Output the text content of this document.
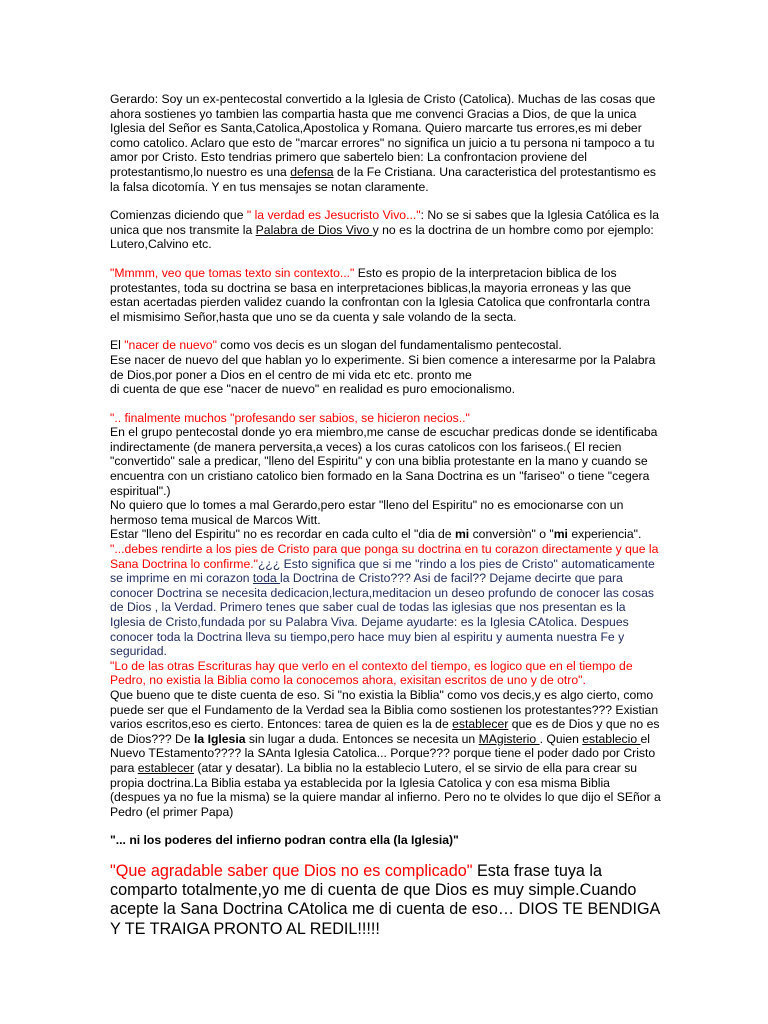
Gerardo: Soy un ex-pentecostal convertido a la Iglesia de Cristo (Catolica). Muchas de las cosas que ahora sostienes yo tambien las compartia hasta que me convenci Gracias a Dios, de que la unica Iglesia del Señor es Santa,Catolica,Apostolica y Romana. Quiero marcarte tus errores,es mi deber como catolico. Aclaro que esto de "marcar errores" no significa un juicio a tu persona ni tampoco a tu amor por Cristo. Esto tendrias primero que sabertelo bien: La confrontacion proviene del protestantismo,lo nuestro es una defensa de la Fe Cristiana. Una caracteristica del protestantismo es la falsa dicotomía. Y en tus mensajes se notan claramente.
Comienzas diciendo que " la verdad es Jesucristo Vivo...": No se si sabes que la Iglesia Católica es la unica que nos transmite la Palabra de Dios Vivo y no es la doctrina de un hombre como por ejemplo: Lutero,Calvino etc.
"Mmmm, veo que tomas texto sin contexto..." Esto es propio de la interpretacion biblica de los protestantes, toda su doctrina se basa en interpretaciones biblicas,la mayoria erroneas y las que estan acertadas pierden validez cuando la confrontan con la Iglesia Catolica que confrontarla contra el mismisimo Señor,hasta que uno se da cuenta y sale volando de la secta.
El "nacer de nuevo" como vos decis es un slogan del fundamentalismo pentecostal.
Ese nacer de nuevo del que hablan yo lo experimente. Si bien comence a interesarme por la Palabra de Dios,por poner a Dios en el centro de mi vida etc etc. pronto me
di cuenta de que ese "nacer de nuevo" en realidad es puro emocionalismo.
".. finalmente muchos "profesando ser sabios, se hicieron necios.."
En el grupo pentecostal donde yo era miembro,me canse de escuchar predicas donde se identificaba indirectamente (de manera perversita,a veces) a los curas catolicos con los fariseos.( El recien "convertido" sale a predicar, "lleno del Espiritu" y con una biblia protestante en la mano y cuando se encuentra con un cristiano catolico bien formado en la Sana Doctrina es un "fariseo" o tiene "cegera espiritual".)
No quiero que lo tomes a mal Gerardo,pero estar "lleno del Espiritu" no es emocionarse con un hermoso tema musical de Marcos Witt.
Estar "lleno del Espiritu" no es recordar en cada culto el "dia de mi conversiòn" o "mi experiencia".
"...debes rendirte a los pies de Cristo para que ponga su doctrina en tu corazon directamente y que la Sana Doctrina lo confirme."¿¿¿ Esto significa que si me "rindo a los pies de Cristo" automaticamente se imprime en mi corazon toda la Doctrina de Cristo??? Asi de facil?? Dejame decirte que para conocer Doctrina se necesita dedicacion,lectura,meditacion un deseo profundo de conocer las cosas de Dios , la Verdad. Primero tenes que saber cual de todas las iglesias que nos presentan es la Iglesia de Cristo,fundada por su Palabra Viva. Dejame ayudarte: es la Iglesia CAtolica. Despues conocer toda la Doctrina lleva su tiempo,pero hace muy bien al espiritu y aumenta nuestra Fe y seguridad.
"Lo de las otras Escrituras hay que verlo en el contexto del tiempo, es logico que en el tiempo de Pedro, no existia la Biblia como la conocemos ahora, exisitan escritos de uno y de otro".
Que bueno que te diste cuenta de eso. Si "no existia la Biblia" como vos decis,y es algo cierto, como puede ser que el Fundamento de la Verdad sea la Biblia como sostienen los protestantes??? Existian varios escritos,eso es cierto. Entonces: tarea de quien es la de establecer que es de Dios y que no es de Dios??? De la Iglesia sin lugar a duda. Entonces se necesita un MAgisterio . Quien establecio el Nuevo TEstamento???? la SAnta Iglesia Catolica... Porque??? porque tiene el poder dado por Cristo para establecer (atar y desatar). La biblia no la establecio Lutero, el se sirvio de ella para crear su propia doctrina.La Biblia estaba ya establecida por la Iglesia Catolica y con esa misma Biblia (despues ya no fue la misma) se la quiere mandar al infierno. Pero no te olvides lo que dijo el SEñor a Pedro (el primer Papa)
"... ni los poderes del infierno podran contra ella (la Iglesia)"
"Que agradable saber que Dios no es complicado" Esta frase tuya la comparto totalmente,yo me di cuenta de que Dios es muy simple.Cuando acepte la Sana Doctrina CAtolica me di cuenta de eso… DIOS TE BENDIGA Y TE TRAIGA PRONTO AL REDIL!!!!!
